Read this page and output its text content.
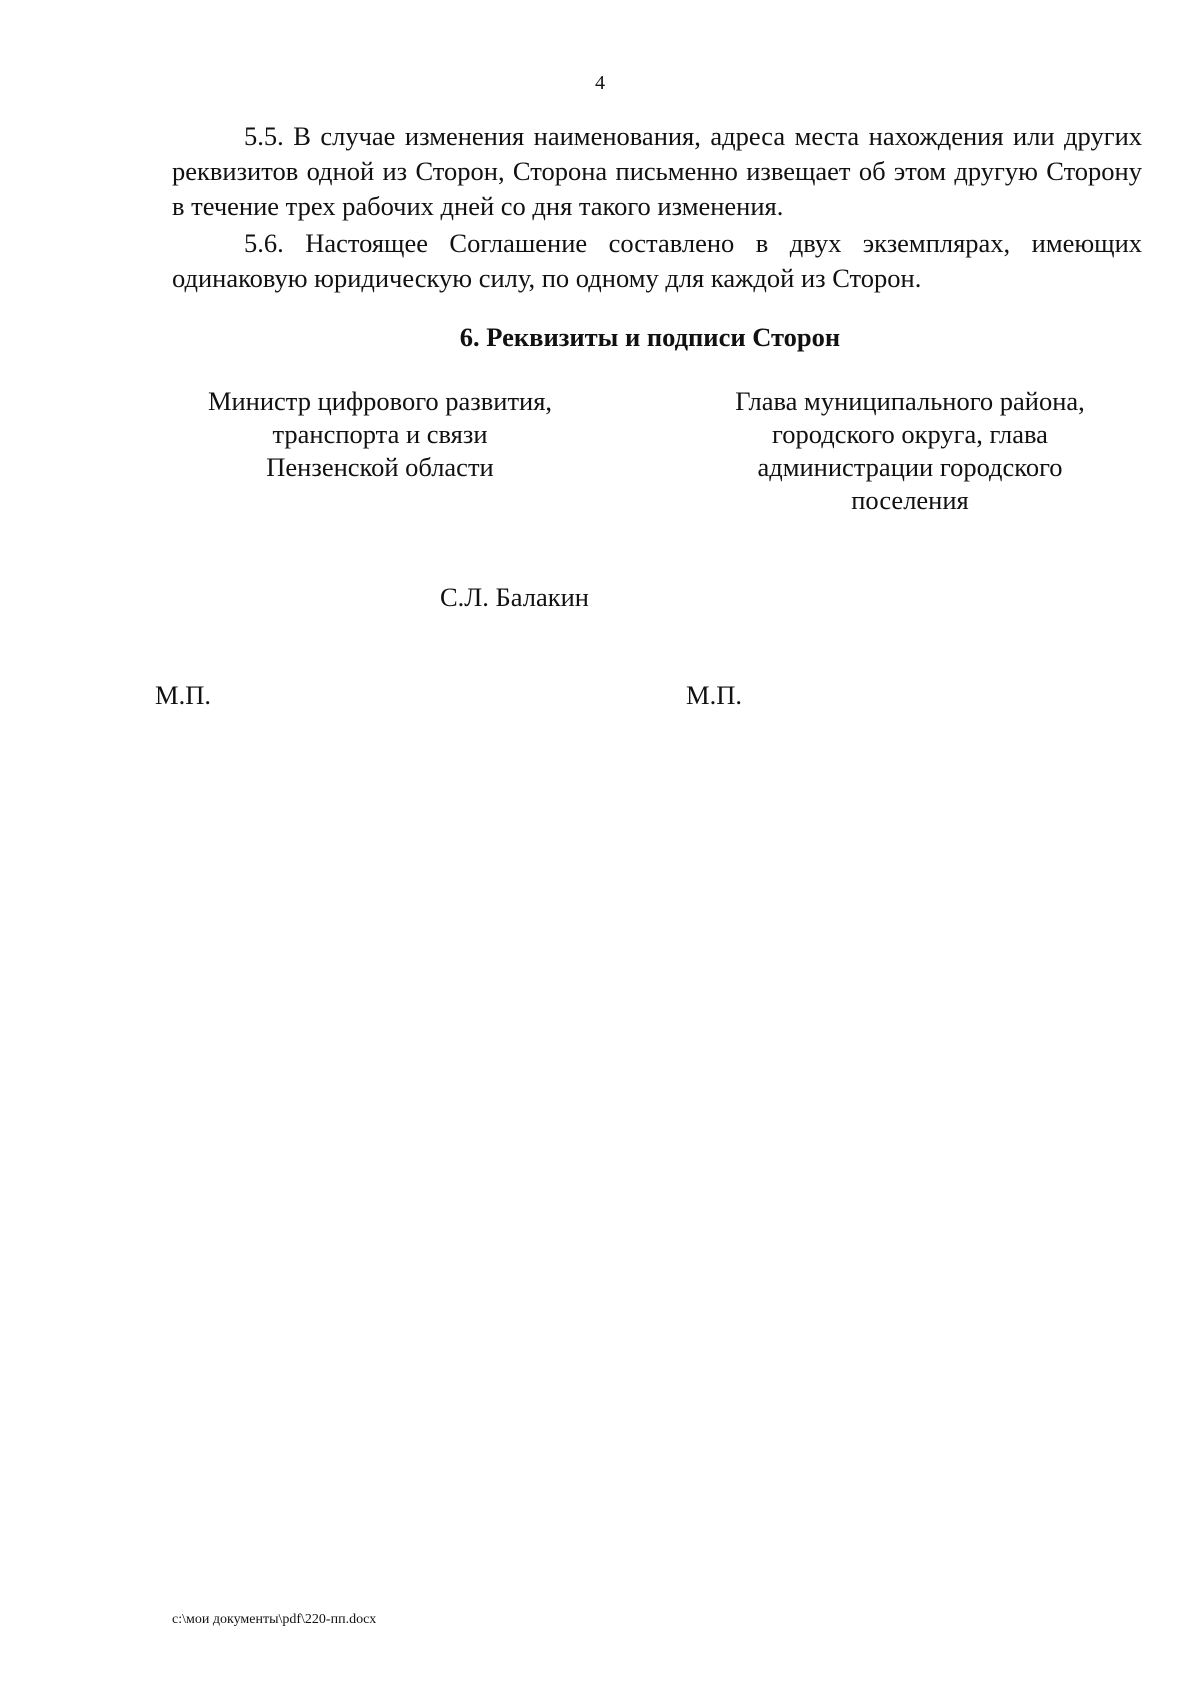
4

5.5. В случае изменения наименования, адреса места нахождения или других реквизитов одной из Сторон, Сторона письменно извещает об этом другую Сторону в течение трех рабочих дней со дня такого изменения.

5.6. Настоящее Соглашение составлено в двух экземплярах, имеющих одинаковую юридическую силу, по одному для каждой из Сторон.

6. Реквизиты и подписи Сторон
Министр цифрового развития,
транспорта и связи
Пензенской области
Глава муниципального района,
городского округа, глава
администрации городского
поселения
С.Л. Балакин
М.П.	М.П.
c:\мои документы\pdf\220-пп.docx
